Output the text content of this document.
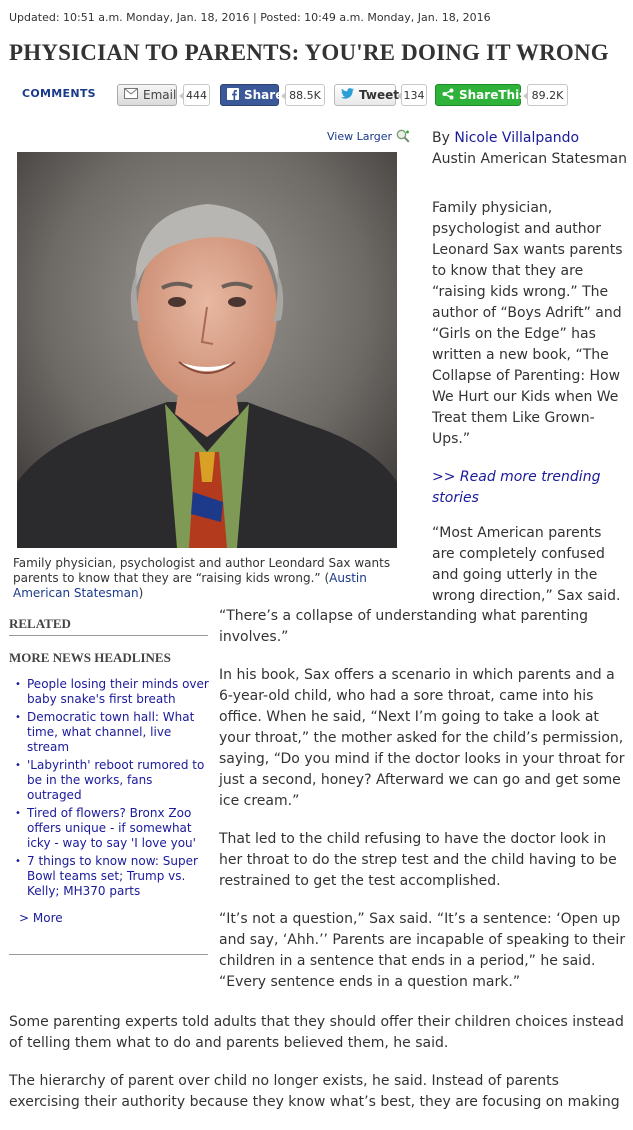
Updated: 10:51 a.m. Monday, Jan. 18, 2016 | Posted: 10:49 a.m. Monday, Jan. 18, 2016
PHYSICIAN TO PARENTS: YOU'RE DOING IT WRONG
COMMENTS	Email 444	Share 88.5K	Tweet 134	ShareThis 89.2K
View Larger
Family physician, psychologist and author Leondard Sax wants parents to know that they are “raising kids wrong.” (Austin American Statesman)
By Nicole Villalpando
Austin American Statesman

Family physician, psychologist and author Leonard Sax wants parents to know that they are “raising kids wrong.” The author of “Boys Adrift” and “Girls on the Edge” has written a new book, “The Collapse of Parenting: How We Hurt our Kids when We Treat them Like Grown-Ups.”

>> Read more trending stories

“Most American parents are completely confused and going utterly in the wrong direction,” Sax said.

RELATED
MORE NEWS HEADLINES
• People losing their minds over baby snake's first breath
• Democratic town hall: What time, what channel, live stream
• 'Labyrinth' reboot rumored to be in the works, fans outraged
• Tired of flowers? Bronx Zoo offers unique - if somewhat icky - way to say 'I love you'
• 7 things to know now: Super Bowl teams set; Trump vs. Kelly; MH370 parts
> More

“There’s a collapse of understanding what parenting involves.”

In his book, Sax offers a scenario in which parents and a 6-year-old child, who had a sore throat, came into his office. When he said, “Next I’m going to take a look at your throat,” the mother asked for the child’s permission, saying, “Do you mind if the doctor looks in your throat for just a second, honey? Afterward we can go and get some ice cream.”

That led to the child refusing to have the doctor look in her throat to do the strep test and the child having to be restrained to get the test accomplished.

“It’s not a question,” Sax said. “It’s a sentence: ‘Open up and say, ‘Ahh.’’ Parents are incapable of speaking to their children in a sentence that ends in a period,” he said. “Every sentence ends in a question mark.”

Some parenting experts told adults that they should offer their children choices instead of telling them what to do and parents believed them, he said.

The hierarchy of parent over child no longer exists, he said. Instead of parents exercising their authority because they know what’s best, they are focusing on making
